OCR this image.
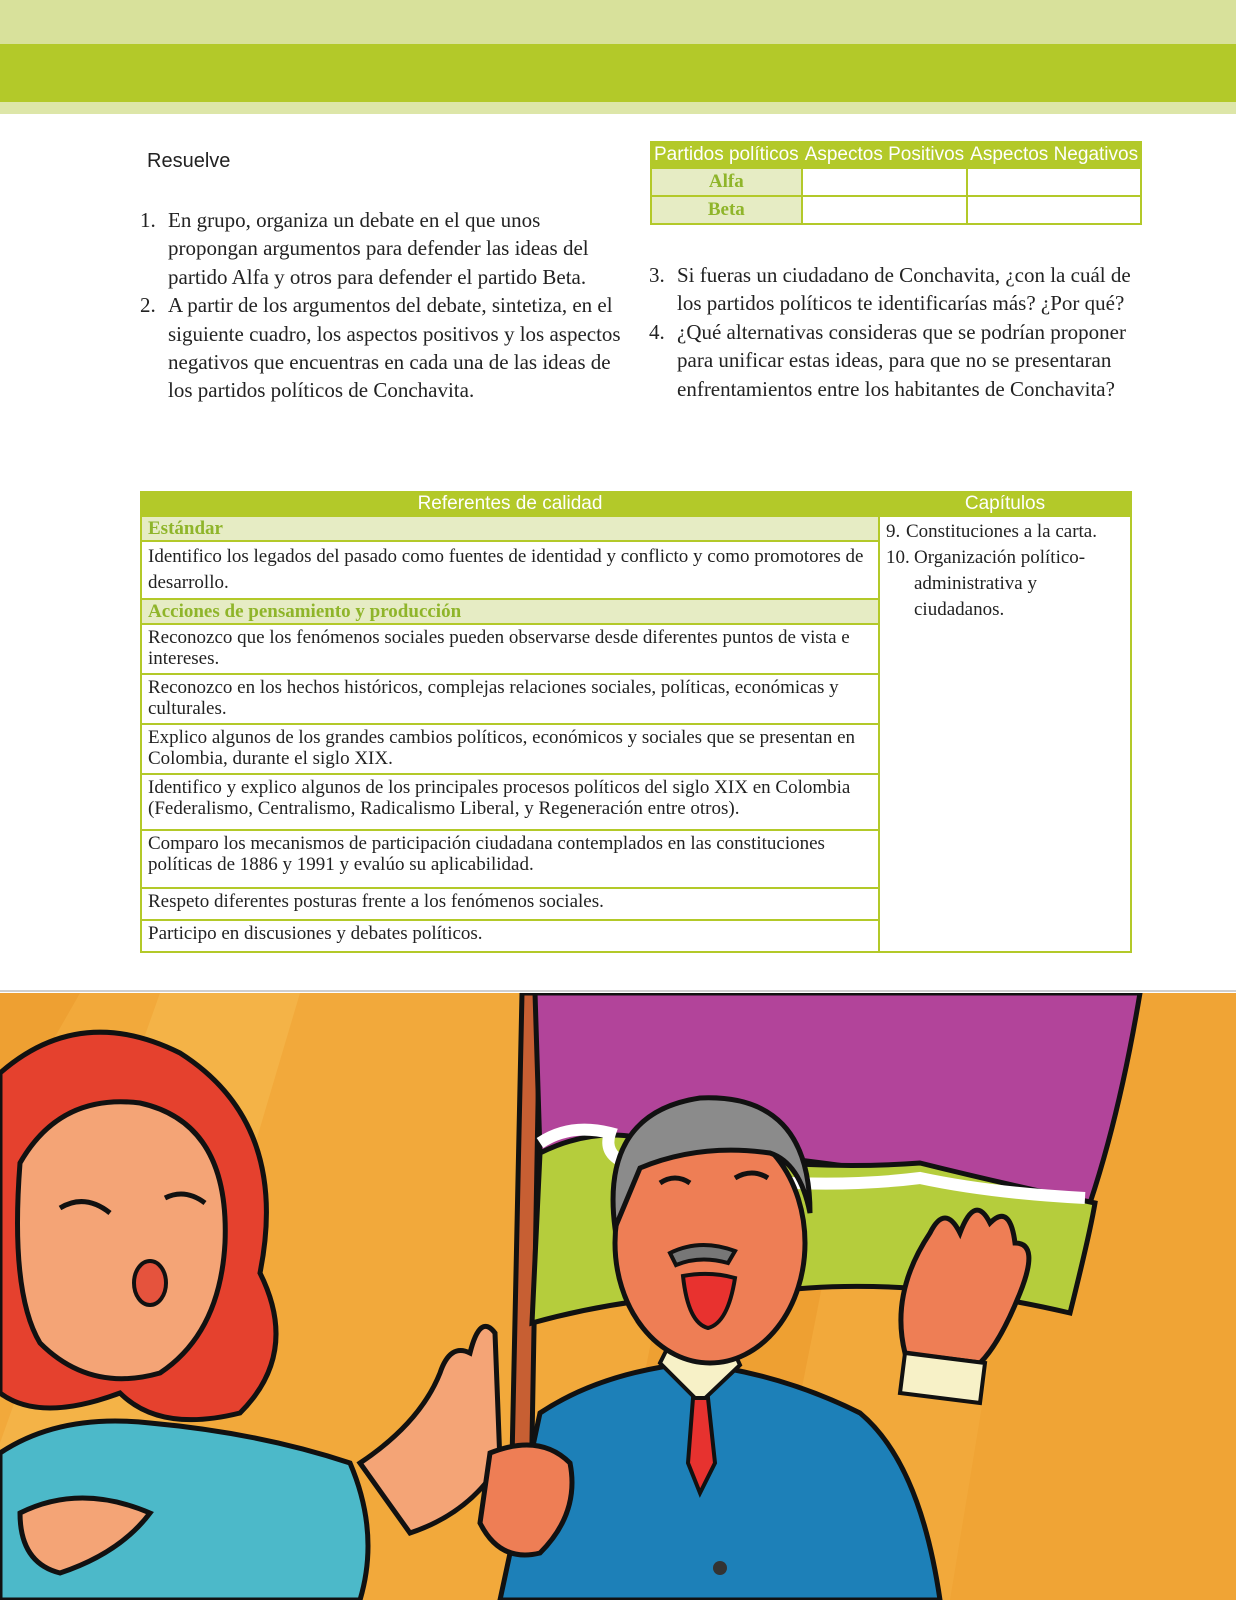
Resuelve
1. En grupo, organiza un debate en el que unos propongan argumentos para defender las ideas del partido Alfa y otros para defender el partido Beta.
2. A partir de los argumentos del debate, sintetiza, en el siguiente cuadro, los aspectos positivos y los aspectos negativos que encuentras en cada una de las ideas de los partidos políticos de Conchavita.
Partidos políticos	Aspectos Positivos	Aspectos Negativos
Alfa		
Beta		
3. Si fueras un ciudadano de Conchavita, ¿con la cuál de los partidos políticos te identificarías más? ¿Por qué?
4. ¿Qué alternativas consideras que se podrían proponer para unificar estas ideas, para que no se presentaran enfrentamientos entre los habitantes de Conchavita?
Referentes de calidad	Capítulos
Estándar	9. Constituciones a la carta.
10. Organización político-administrativa y ciudadanos.

Identifico los legados del pasado como fuentes de identidad y conflicto y como promotores de desarrollo.	
Acciones de pensamiento y producción	
Reconozco que los fenómenos sociales pueden observarse desde diferentes puntos de vista e intereses.	
Reconozco en los hechos históricos, complejas relaciones sociales, políticas, económicas y culturales.	
Explico algunos de los grandes cambios políticos, económicos y sociales que se presentan en Colombia, durante el siglo XIX.	
Identifico y explico algunos de los principales procesos políticos del siglo XIX en Colombia (Federalismo, Centralismo, Radicalismo Liberal, y Regeneración entre otros).	
Comparo los mecanismos de participación ciudadana contemplados en las constituciones políticas de 1886 y 1991 y evalúo su aplicabilidad.	
Respeto diferentes posturas frente a los fenómenos sociales.	
Participo en discusiones y debates políticos.	
